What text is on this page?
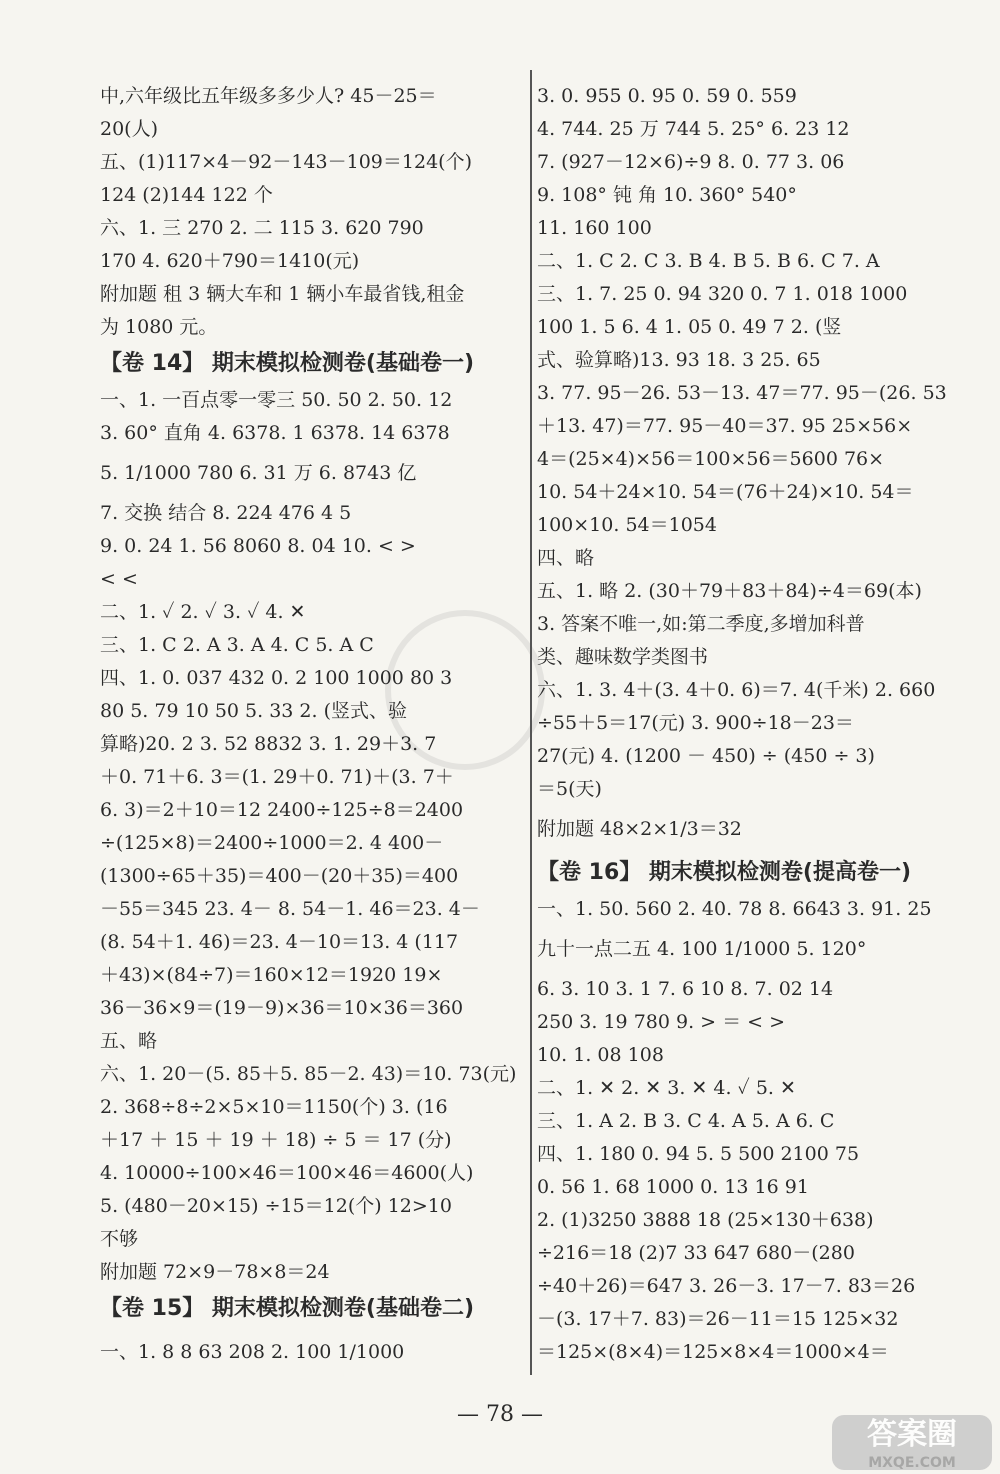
中,六年级比五年级多多少人? 45－25＝
20(人)
五、(1)117×4－92－143－109＝124(个)
124 (2)144 122 个
六、1. 三 270 2. 二 115 3. 620 790
170 4. 620＋790＝1410(元)
附加题 租 3 辆大车和 1 辆小车最省钱,租金
为 1080 元。
【卷 14】 期末模拟检测卷(基础卷一)
一、1. 一百点零一零三 50. 50 2. 50. 12
3. 60° 直角 4. 6378. 1 6378. 14 6378
5. 1/1000 780 6. 31 万 6. 8743 亿
7. 交换 结合 8. 224 476 4 5
9. 0. 24 1. 56 8060 8. 04 10. < >
< <
二、1. ✓ 2. ✓ 3. ✓ 4. ✕
三、1. C 2. A 3. A 4. C 5. A C
四、1. 0. 037 432 0. 2 100 1000 80 3
80 5. 79 10 50 5. 33 2. (竖式、验
算略)20. 2 3. 52 8832 3. 1. 29＋3. 7
＋0. 71＋6. 3＝(1. 29＋0. 71)＋(3. 7＋
6. 3)＝2＋10＝12 2400÷125÷8＝2400
÷(125×8)＝2400÷1000＝2. 4 400－
(1300÷65＋35)＝400－(20＋35)＝400
－55＝345 23. 4－ 8. 54－1. 46＝23. 4－
(8. 54＋1. 46)＝23. 4－10＝13. 4 (117
＋43)×(84÷7)＝160×12＝1920 19×
36－36×9＝(19－9)×36＝10×36＝360
五、略
六、1. 20－(5. 85＋5. 85－2. 43)＝10. 73(元)
2. 368÷8÷2×5×10＝1150(个) 3. (16
＋17 ＋ 15 ＋ 19 ＋ 18) ÷ 5 ＝ 17 (分)
4. 10000÷100×46＝100×46＝4600(人)
5. (480－20×15) ÷15＝12(个) 12>10
不够
附加题 72×9－78×8＝24
【卷 15】 期末模拟检测卷(基础卷二)
一、1. 8 8 63 208 2. 100 1/1000
3. 0. 955 0. 95 0. 59 0. 559
4. 744. 25 万 744 5. 25° 6. 23 12
7. (927－12×6)÷9 8. 0. 77 3. 06
9. 108° 钝 角 10. 360° 540°
11. 160 100
二、1. C 2. C 3. B 4. B 5. B 6. C 7. A
三、1. 7. 25 0. 94 320 0. 7 1. 018 1000
100 1. 5 6. 4 1. 05 0. 49 7 2. (竖
式、验算略)13. 93 18. 3 25. 65
3. 77. 95－26. 53－13. 47＝77. 95－(26. 53
＋13. 47)＝77. 95－40＝37. 95 25×56×
4＝(25×4)×56＝100×56＝5600 76×
10. 54＋24×10. 54＝(76＋24)×10. 54＝
100×10. 54＝1054
四、略
五、1. 略 2. (30＋79＋83＋84)÷4＝69(本)
3. 答案不唯一,如:第二季度,多增加科普
类、趣味数学类图书
六、1. 3. 4＋(3. 4＋0. 6)＝7. 4(千米) 2. 660
÷55＋5＝17(元) 3. 900÷18－23＝
27(元) 4. (1200 － 450) ÷ (450 ÷ 3)
＝5(天)
附加题 48×2×1/3＝32
【卷 16】 期末模拟检测卷(提高卷一)
一、1. 50. 560 2. 40. 78 8. 6643 3. 91. 25
九十一点二五 4. 100 1/1000 5. 120°
6. 3. 10 3. 1 7. 6 10 8. 7. 02 14
250 3. 19 780 9. > ＝ < >
10. 1. 08 108
二、1. ✕ 2. ✕ 3. ✕ 4. ✓ 5. ✕
三、1. A 2. B 3. C 4. A 5. A 6. C
四、1. 180 0. 94 5. 5 500 2100 75
0. 56 1. 68 1000 0. 13 16 91
2. (1)3250 3888 18 (25×130＋638)
÷216＝18 (2)7 33 647 680－(280
÷40＋26)＝647 3. 26－3. 17－7. 83＝26
－(3. 17＋7. 83)＝26－11＝15 125×32
＝125×(8×4)＝125×8×4＝1000×4＝
— 78 —
答案圈
MXQE.COM
